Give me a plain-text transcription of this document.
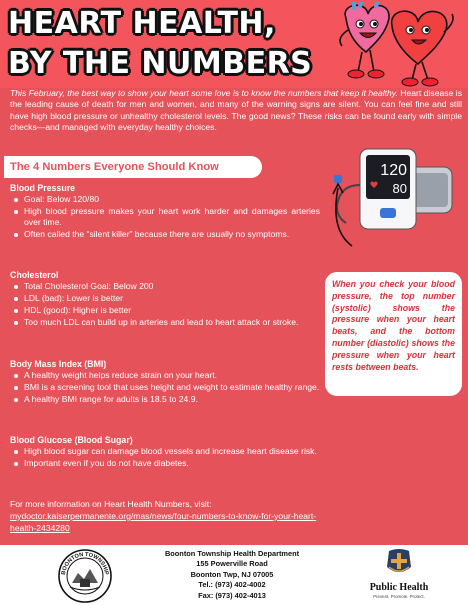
HEART HEALTH,
BY THE NUMBERS
This February, the best way to show your heart some love is to know the numbers that keep it healthy. Heart disease is the leading cause of death for men and women, and many of the warning signs are silent. You can feel fine and still have high blood pressure or unhealthy cholesterol levels. The good news? These risks can be found early with simple checks—and managed with everyday healthy choices.
The 4 Numbers Everyone Should Know	120
80
Blood Pressure
Goal: Below 120/80
High blood pressure makes your heart work harder and damages arteries over time.
Often called the “silent killer” because there are usually no symptoms.
Cholesterol
Total Cholesterol Goal: Below 200
LDL (bad): Lower is better
HDL (good): Higher is better
Too much LDL can build up in arteries and lead to heart attack or stroke.
Body Mass Index (BMI)
A healthy weight helps reduce strain on your heart.
BMI is a screening tool that uses height and weight to estimate healthy range.
A healthy BMI range for adults is 18.5 to 24.9.
Blood Glucose (Blood Sugar)
High blood sugar can damage blood vessels and increase heart disease risk.
Important even if you do not have diabetes.
When you check your blood pressure, the top number (systolic) shows the pressure when your heart beats, and the bottom number (diastolic) shows the pressure when your heart rests between beats.
For more information on Heart Health Numbers, visit:
mydoctor.kaiserpermanente.org/mas/news/four-numbers-to-know-for-your-heart-health-2434280
BOONTON TOWNSHIP
Boonton Township Health Department
155 Powerville Road
Boonton Twp, NJ 07005
Tel.: (973) 402-4002
Fax: (973) 402-4013
Public Health
Prevent. Promote. Protect.
